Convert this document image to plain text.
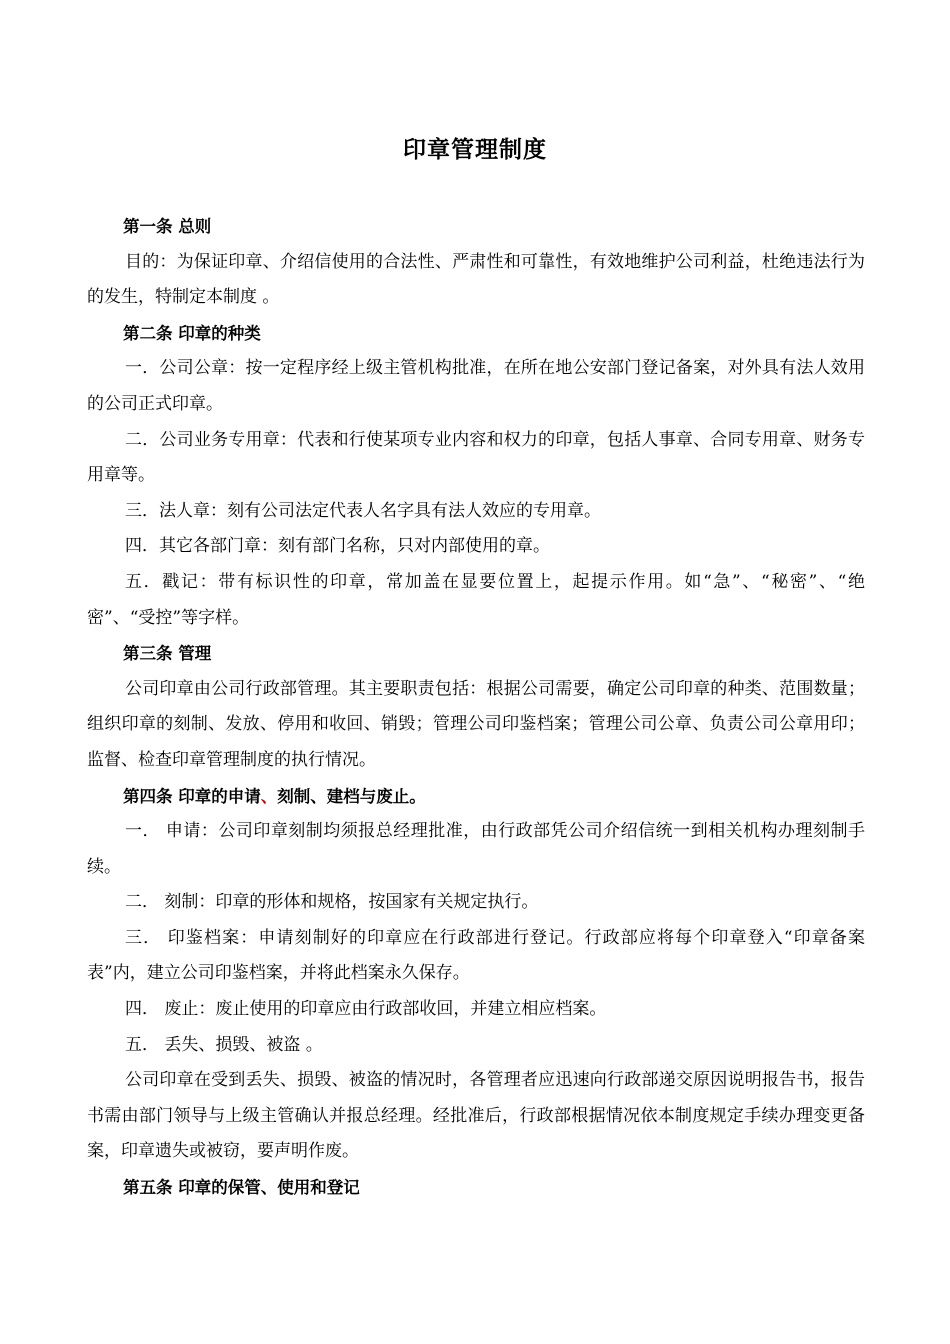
印章管理制度

第一条 总则

目的：为保证印章、介绍信使用的合法性、严肃性和可靠性，有效地维护公司利益，杜绝违法行为的发生，特制定本制度 。

第二条 印章的种类

一．公司公章：按一定程序经上级主管机构批准，在所在地公安部门登记备案，对外具有法人效用的公司正式印章。

二．公司业务专用章：代表和行使某项专业内容和权力的印章，包括人事章、合同专用章、财务专用章等。

三．法人章：刻有公司法定代表人名字具有法人效应的专用章。

四．其它各部门章：刻有部门名称，只对内部使用的章。

五．戳记：带有标识性的印章，常加盖在显要位置上，起提示作用。如“急”、“秘密”、“绝密”、“受控”等字样。

第三条 管理

公司印章由公司行政部管理。其主要职责包括：根据公司需要，确定公司印章的种类、范围数量；组织印章的刻制、发放、停用和收回、销毁；管理公司印鉴档案；管理公司公章、负责公司公章用印；监督、检查印章管理制度的执行情况。

第四条 印章的申请、刻制、建档与废止。

一． 申请：公司印章刻制均须报总经理批准，由行政部凭公司介绍信统一到相关机构办理刻制手续。

二． 刻制：印章的形体和规格，按国家有关规定执行。

三． 印鉴档案：申请刻制好的印章应在行政部进行登记。行政部应将每个印章登入“印章备案表”内，建立公司印鉴档案，并将此档案永久保存。

四． 废止：废止使用的印章应由行政部收回，并建立相应档案。

五． 丢失、损毁、被盗 。

公司印章在受到丢失、损毁、被盗的情况时，各管理者应迅速向行政部递交原因说明报告书，报告书需由部门领导与上级主管确认并报总经理。经批准后，行政部根据情况依本制度规定手续办理变更备案，印章遗失或被窃，要声明作废。

第五条 印章的保管、使用和登记
